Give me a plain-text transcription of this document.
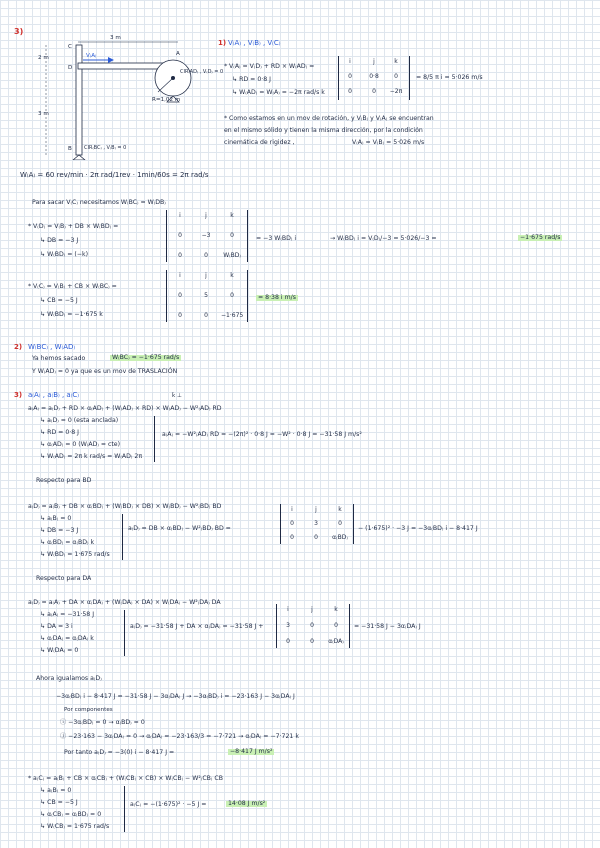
3)
3 m
2 m
3 m
C
A
B
D
R=1,02 m
V₍A₎
CIR₍BC₎ , V₍B₎ = 0
CIR₍AD₎ , V₍D₎ = 0
1) V₍A₎ , V₍B₎ , V₍C₎
* V₍A₎ = V₍D₎ + RD × W₍AD₎ =
↳ RD = 0·8 J
↳ W₍AD₎ = W₍A₎ = −2π rad/s k
i	j	k
0	0·8	0
0	0	−2π
= 8/5 π i = 5·026 m/s
* Como estamos en un mov de rotación, y V₍B₎ y V₍A₎ se encuentran
en el mismo sólido y tienen la misma dirección, por la condición
cinemática de rigidez ,	V₍A₎ = V₍B₎ = 5·026 m/s
W₍A₎ = 60 rev/min · 2π rad/1rev · 1min/60s = 2π rad/s
Para sacar V₍C₎ necesitamos W₍BC₎ = W₍DB₎
* V₍D₎ = V₍B₎ + DB × W₍BD₎ =
↳ DB = −3 J
↳ W₍BD₎ = (−k)
i	j	k
0	−3	0
0	0	W₍BD₎
= −3 W₍BD₎ i	→ W₍BD₎ i = V₍D₎/−3 = 5·026/−3 =	−1·675 rad/s
* V₍C₎ = V₍B₎ + CB × W₍BC₎ =
↳ CB = −5 J
↳ W₍BD₎ = −1·675 k
i	j	k
0	5	0
0	0	−1·675
= 8·38 i m/s
2) W₍BC₎ , W₍AD₎
Ya hemos sacado	W₍BC₎ = −1·675 rad/s
Y W₍AD₎ = 0 ya que es un mov de TRASLACIÓN
3) a₍A₎ , a₍B₎ , a₍C₎	k̄ ⊥
a₍A₎ = a₍D₎ + RD × α₍AD₎ + (W₍AD₎ × RD) × W₍AD₎ − W²₍AD₎ RD
↳ a₍D₎ = 0 (esta anclada)
↳ RD = 0·8 J
↳ α₍AD₎ = 0 (W₍AD₎ = cte)
↳ W₍AD₎ = 2π k rad/s = W₍AD₎ 2π
a₍A₎ = −W²₍AD₎ RD = −(2π)² · 0·8 J = −W² · 0·8 J = −31·58 J m/s²
Respecto para BD
a₍D₎ = a₍B₎ + DB × α₍BD₎ + (W₍BD₎ × DB) × W₍BD₎ − W²₍BD₎ BD
↳ a₍B₎ = 0
↳ DB = −3 J
↳ α₍BD₎ = α₍BD₎ k
↳ W₍BD₎ = 1·675 rad/s
a₍D₎ = DB × α₍BD₎ − W²₍BD₎ BD =
i	j	k
0	3	0
0	0	α₍BD₎
− (1·675)² · −3 J = −3α₍BD₎ i − 8·417 J
Respecto para DA
a₍D₎ = a₍A₎ + DA × α₍DA₎ + (W₍DA₎ × DA) × W₍DA₎ − W²₍DA₎ DA
↳ a₍A₎ = −31·58 J
↳ DA = 3 i
↳ α₍DA₎ = α₍DA₎ k
↳ W₍DA₎ = 0
a₍D₎ = −31·58 J + DA × α₍DA₎ = −31·58 J +
i	j	k
3	0	0
0	0	α₍DA₎
= −31·58 J − 3α₍DA₎ J
Ahora igualamos a₍D₎
−3α₍BD₎ i − 8·417 J = −31·58 J − 3α₍DA₎ J → −3α₍BD₎ i = −23·163 J − 3α₍DA₎ J
Por componentes
ⓘ −3α₍BD₎ = 0 → α₍BD₎ = 0
ⓙ −23·163 − 3α₍DA₎ = 0 → α₍DA₎ = −23·163/3 = −7·721 → α₍DA₎ = −7·721 k
Por tanto a₍D₎ = −3(0) i − 8·417 J =	−8·417 J m/s²
* a₍C₎ = a₍B₎ + CB × α₍CB₎ + (W₍CB₎ × CB) × W₍CB₎ − W²₍CB₎ CB
↳ a₍B₎ = 0
↳ CB = −5 J
↳ α₍CB₎ = α₍BD₎ = 0
↳ W₍CB₎ = 1·675 rad/s
a₍C₎ = −(1·675)² · −5 J =	14·08 J m/s²
